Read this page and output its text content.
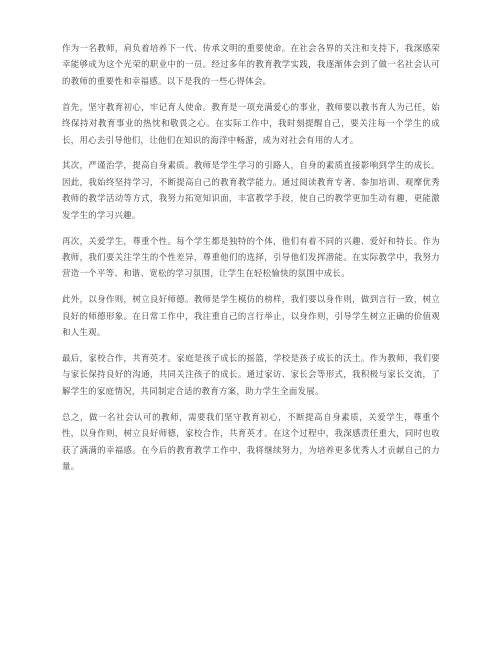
作为一名教师，肩负着培养下一代、传承文明的重要使命。在社会各界的关注和支持下，我深感荣幸能够成为这个光荣的职业中的一员。经过多年的教育教学实践，我逐渐体会到了做一名社会认可的教师的重要性和幸福感。以下是我的一些心得体会。

首先，坚守教育初心，牢记育人使命。教育是一项充满爱心的事业，教师要以教书育人为己任，始终保持对教育事业的热忱和敬畏之心。在实际工作中，我时刻提醒自己，要关注每一个学生的成长，用心去引导他们，让他们在知识的海洋中畅游，成为对社会有用的人才。

其次，严谨治学，提高自身素质。教师是学生学习的引路人，自身的素质直接影响到学生的成长。因此，我始终坚持学习，不断提高自己的教育教学能力。通过阅读教育专著、参加培训、观摩优秀教师的教学活动等方式，我努力拓宽知识面，丰富教学手段，使自己的教学更加生动有趣，更能激发学生的学习兴趣。

再次，关爱学生，尊重个性。每个学生都是独特的个体，他们有着不同的兴趣、爱好和特长。作为教师，我们要关注学生的个性差异，尊重他们的选择，引导他们发挥潜能。在实际教学中，我努力营造一个平等、和谐、宽松的学习氛围，让学生在轻松愉快的氛围中成长。

此外，以身作则，树立良好师德。教师是学生模仿的榜样，我们要以身作则，做到言行一致，树立良好的师德形象。在日常工作中，我注重自己的言行举止，以身作则，引导学生树立正确的价值观和人生观。

最后，家校合作，共育英才。家庭是孩子成长的摇篮，学校是孩子成长的沃土。作为教师，我们要与家长保持良好的沟通，共同关注孩子的成长。通过家访、家长会等形式，我积极与家长交流，了解学生的家庭情况，共同制定合适的教育方案，助力学生全面发展。

总之，做一名社会认可的教师，需要我们坚守教育初心，不断提高自身素质，关爱学生，尊重个性，以身作则，树立良好师德，家校合作，共育英才。在这个过程中，我深感责任重大，同时也收获了满满的幸福感。在今后的教育教学工作中，我将继续努力，为培养更多优秀人才贡献自己的力量。
